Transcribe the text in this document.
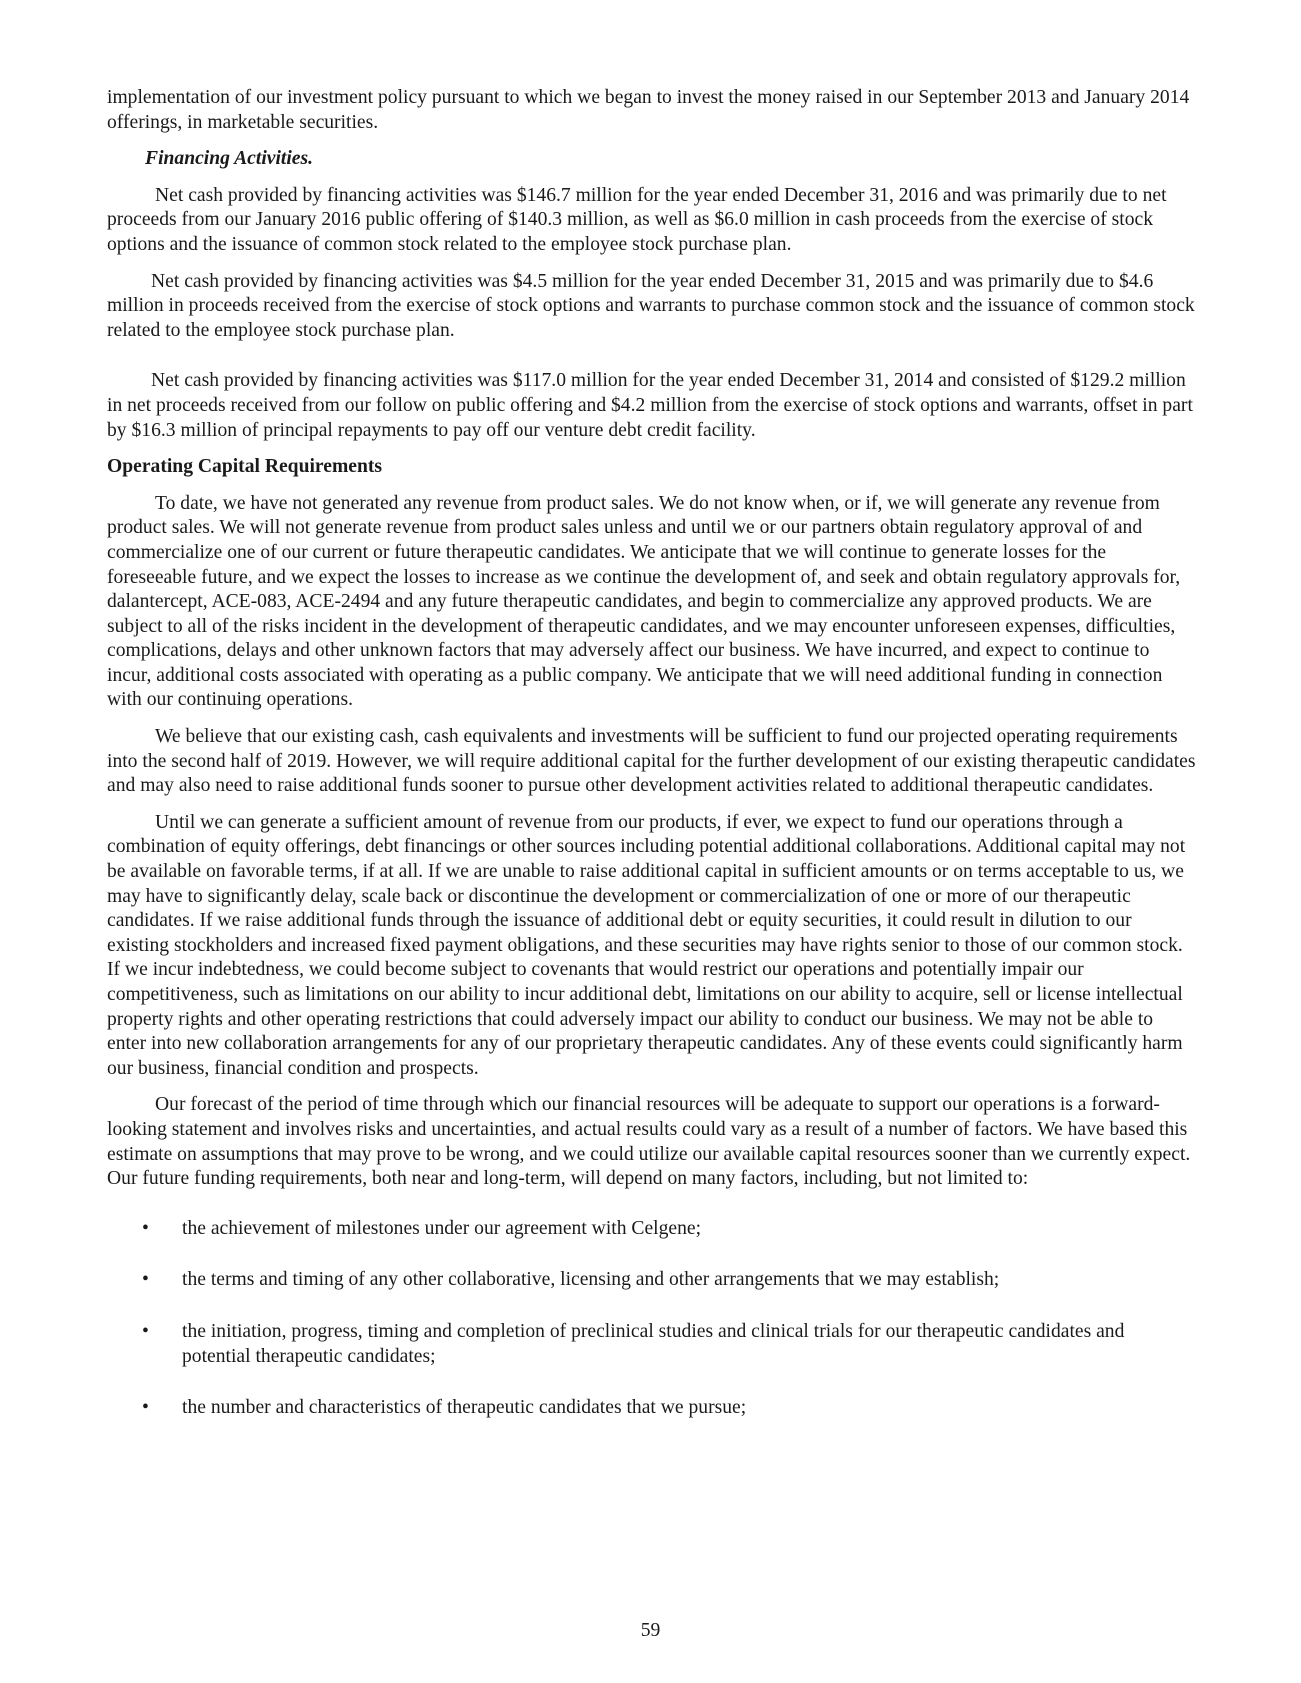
implementation of our investment policy pursuant to which we began to invest the money raised in our September 2013 and January 2014 offerings, in marketable securities.

Financing Activities.

Net cash provided by financing activities was $146.7 million for the year ended December 31, 2016 and was primarily due to net proceeds from our January 2016 public offering of $140.3 million, as well as $6.0 million in cash proceeds from the exercise of stock options and the issuance of common stock related to the employee stock purchase plan.

Net cash provided by financing activities was $4.5 million for the year ended December 31, 2015 and was primarily due to $4.6 million in proceeds received from the exercise of stock options and warrants to purchase common stock and the issuance of common stock related to the employee stock purchase plan.

Net cash provided by financing activities was $117.0 million for the year ended December 31, 2014 and consisted of $129.2 million in net proceeds received from our follow on public offering and $4.2 million from the exercise of stock options and warrants, offset in part by $16.3 million of principal repayments to pay off our venture debt credit facility.

Operating Capital Requirements

To date, we have not generated any revenue from product sales. We do not know when, or if, we will generate any revenue from product sales. We will not generate revenue from product sales unless and until we or our partners obtain regulatory approval of and commercialize one of our current or future therapeutic candidates. We anticipate that we will continue to generate losses for the foreseeable future, and we expect the losses to increase as we continue the development of, and seek and obtain regulatory approvals for, dalantercept, ACE-083, ACE-2494 and any future therapeutic candidates, and begin to commercialize any approved products. We are subject to all of the risks incident in the development of therapeutic candidates, and we may encounter unforeseen expenses, difficulties, complications, delays and other unknown factors that may adversely affect our business. We have incurred, and expect to continue to incur, additional costs associated with operating as a public company. We anticipate that we will need additional funding in connection with our continuing operations.

We believe that our existing cash, cash equivalents and investments will be sufficient to fund our projected operating requirements into the second half of 2019. However, we will require additional capital for the further development of our existing therapeutic candidates and may also need to raise additional funds sooner to pursue other development activities related to additional therapeutic candidates.

Until we can generate a sufficient amount of revenue from our products, if ever, we expect to fund our operations through a combination of equity offerings, debt financings or other sources including potential additional collaborations. Additional capital may not be available on favorable terms, if at all. If we are unable to raise additional capital in sufficient amounts or on terms acceptable to us, we may have to significantly delay, scale back or discontinue the development or commercialization of one or more of our therapeutic candidates. If we raise additional funds through the issuance of additional debt or equity securities, it could result in dilution to our existing stockholders and increased fixed payment obligations, and these securities may have rights senior to those of our common stock. If we incur indebtedness, we could become subject to covenants that would restrict our operations and potentially impair our competitiveness, such as limitations on our ability to incur additional debt, limitations on our ability to acquire, sell or license intellectual property rights and other operating restrictions that could adversely impact our ability to conduct our business. We may not be able to enter into new collaboration arrangements for any of our proprietary therapeutic candidates. Any of these events could significantly harm our business, financial condition and prospects.

Our forecast of the period of time through which our financial resources will be adequate to support our operations is a forward-looking statement and involves risks and uncertainties, and actual results could vary as a result of a number of factors. We have based this estimate on assumptions that may prove to be wrong, and we could utilize our available capital resources sooner than we currently expect. Our future funding requirements, both near and long-term, will depend on many factors, including, but not limited to:

• the achievement of milestones under our agreement with Celgene;
• the terms and timing of any other collaborative, licensing and other arrangements that we may establish;
• the initiation, progress, timing and completion of preclinical studies and clinical trials for our therapeutic candidates and potential therapeutic candidates;
• the number and characteristics of therapeutic candidates that we pursue;
59
